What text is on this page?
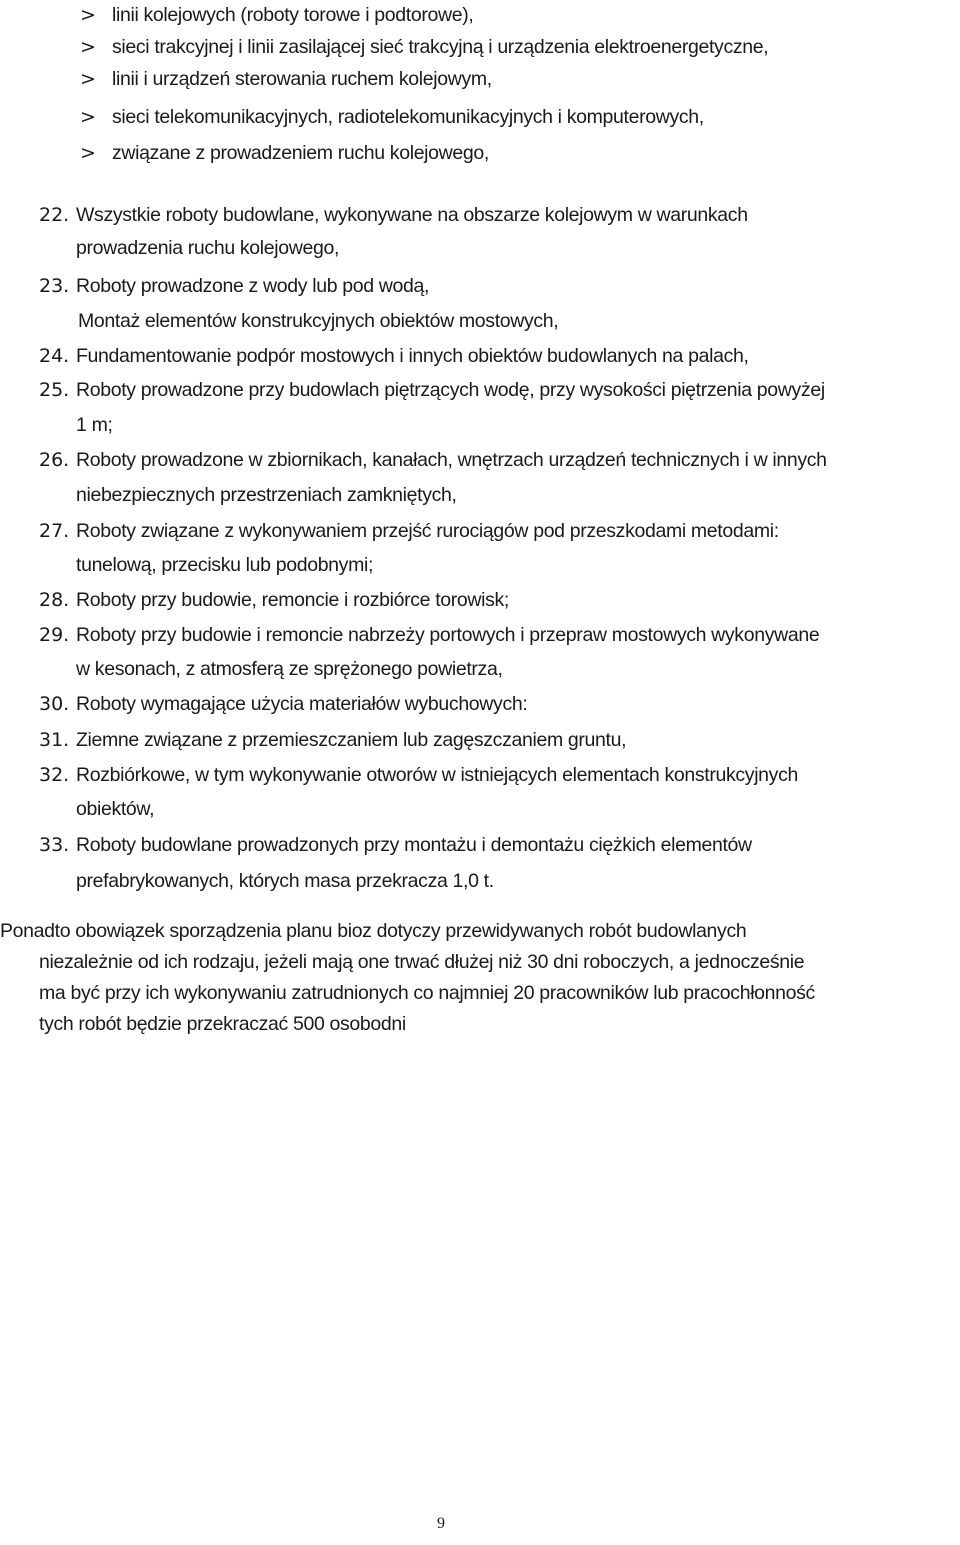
> linii kolejowych (roboty torowe i podtorowe),
> sieci trakcyjnej i linii zasilającej sieć trakcyjną i urządzenia elektroenergetyczne,
> linii i urządzeń sterowania ruchem kolejowym,
> sieci telekomunikacyjnych, radiotelekomunikacyjnych i komputerowych,
> związane z prowadzeniem ruchu kolejowego,
22. Wszystkie roboty budowlane, wykonywane na obszarze kolejowym w warunkach
prowadzenia ruchu kolejowego,
23. Roboty prowadzone z wody lub pod wodą,
Montaż elementów konstrukcyjnych obiektów mostowych,
24. Fundamentowanie podpór mostowych i innych obiektów budowlanych na palach,
25. Roboty prowadzone przy budowlach piętrzących wodę, przy wysokości piętrzenia powyżej
1 m;
26. Roboty prowadzone w zbiornikach, kanałach, wnętrzach urządzeń technicznych i w innych
niebezpiecznych przestrzeniach zamkniętych,
27. Roboty związane z wykonywaniem przejść rurociągów pod przeszkodami metodami:
tunelową, przecisku lub podobnymi;
28. Roboty przy budowie, remoncie i rozbiórce torowisk;
29. Roboty przy budowie i remoncie nabrzeży portowych i przepraw mostowych wykonywane
w kesonach, z atmosferą ze sprężonego powietrza,
30. Roboty wymagające użycia materiałów wybuchowych:
31. Ziemne związane z przemieszczaniem lub zagęszczaniem gruntu,
32. Rozbiórkowe, w tym wykonywanie otworów w istniejących elementach konstrukcyjnych
obiektów,
33. Roboty budowlane prowadzonych przy montażu i demontażu ciężkich elementów
prefabrykowanych, których masa przekracza 1,0 t.
Ponadto obowiązek sporządzenia planu bioz dotyczy przewidywanych robót budowlanych
niezależnie od ich rodzaju, jeżeli mają one trwać dłużej niż 30 dni roboczych, a jednocześnie
ma być przy ich wykonywaniu zatrudnionych co najmniej 20 pracowników lub pracochłonność
tych robót będzie przekraczać 500 osobodni
9
